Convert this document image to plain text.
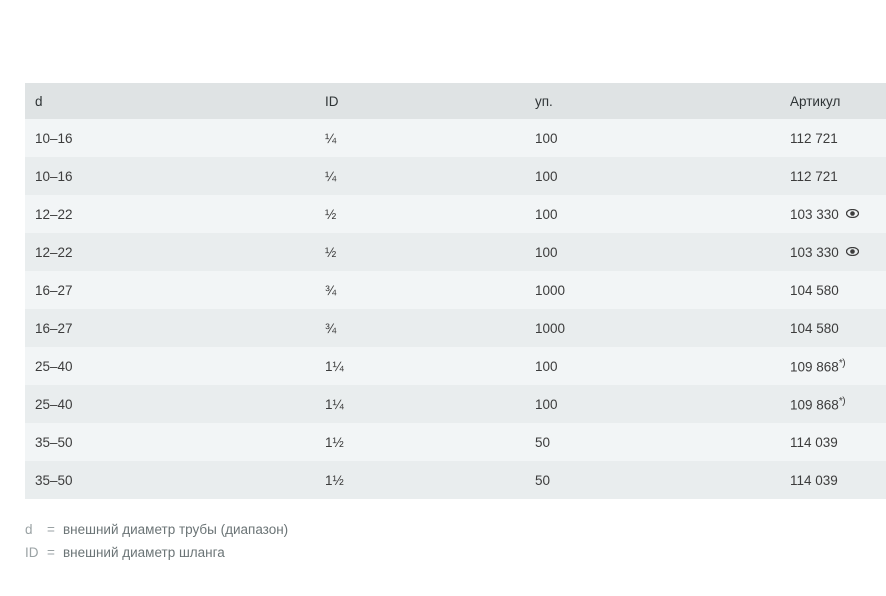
d	ID	уп.	Артикул
10–16	¼	100	112 721
10–16	¼	100	112 721
12–22	½	100	103 330

12–22	½	100	103 330

16–27	¾	1000	104 580
16–27	¾	1000	104 580
25–40	1¼	100	109 868*)
25–40	1¼	100	109 868*)
35–50	1½	50	114 039
35–50	1½	50	114 039
d	= внешний диаметр трубы (диапазон)
ID = внешний диаметр шланга
